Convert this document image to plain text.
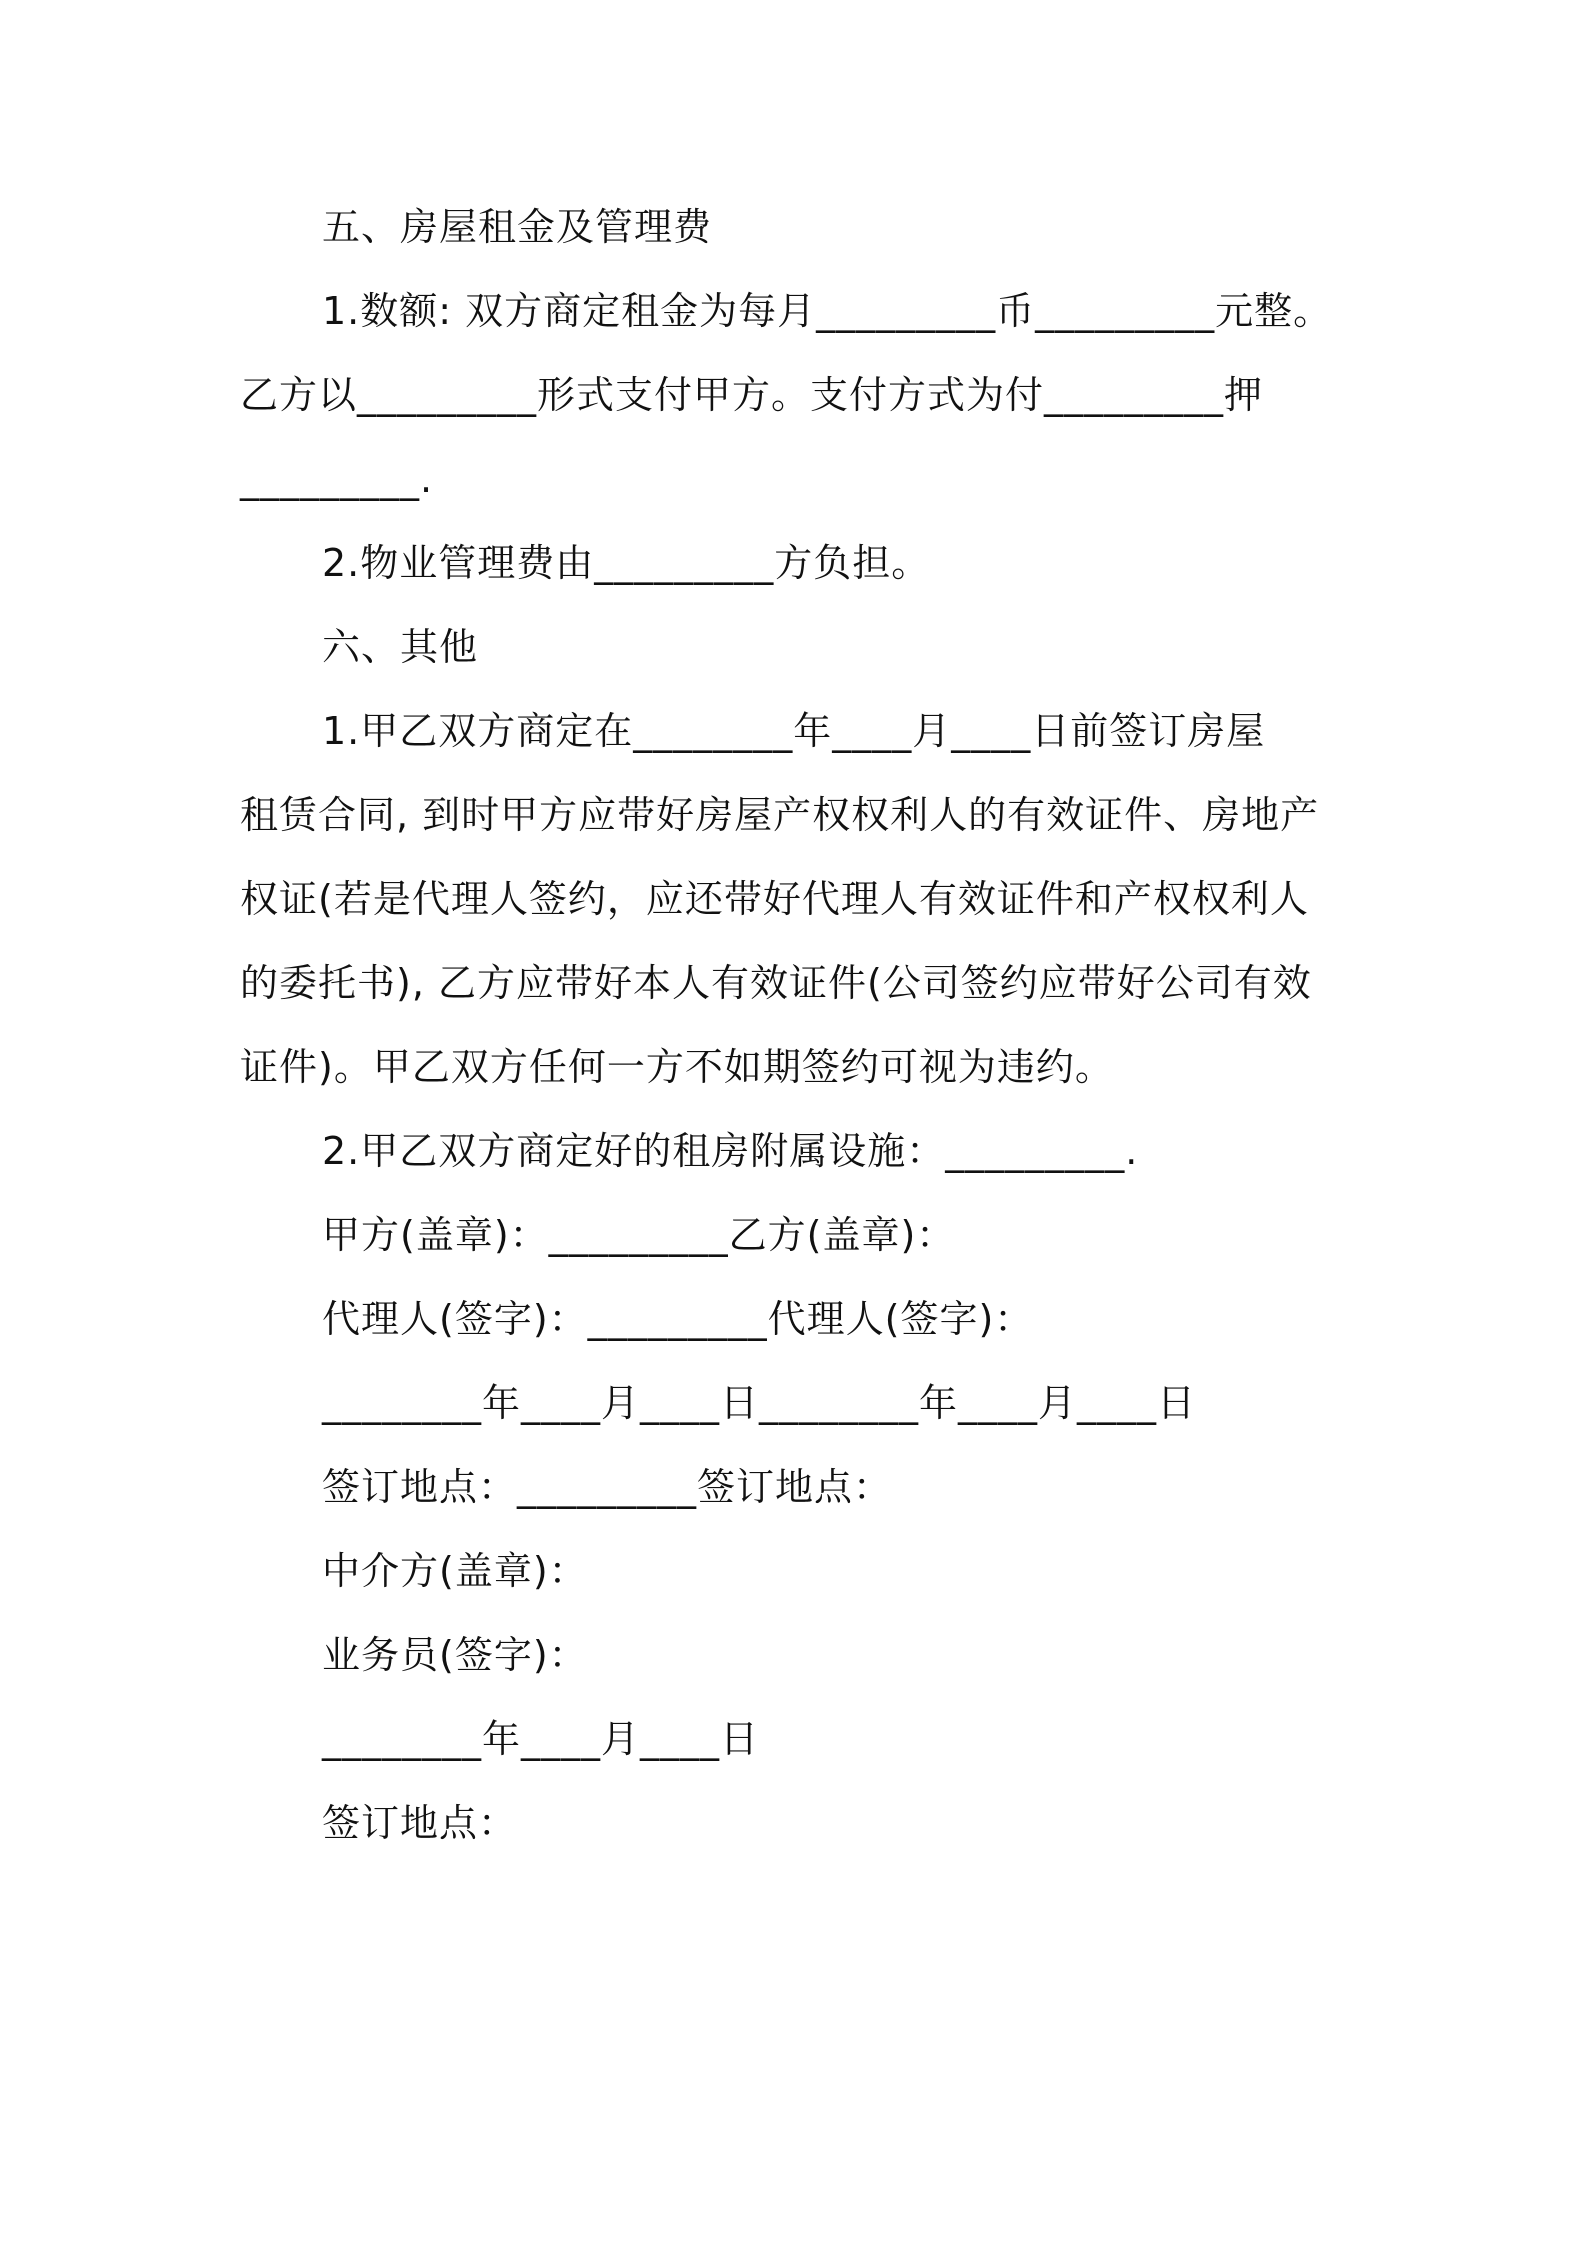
五、房屋租金及管理费
1.数额: 双方商定租金为每月_________币_________元整。
乙方以_________形式支付甲方。支付方式为付_________押
_________.
2.物业管理费由_________方负担。
六、其他
1.甲乙双方商定在________年____月____日前签订房屋
租赁合同, 到时甲方应带好房屋产权权利人的有效证件、房地产
权证(若是代理人签约，应还带好代理人有效证件和产权权利人
的委托书), 乙方应带好本人有效证件(公司签约应带好公司有效
证件)。甲乙双方任何一方不如期签约可视为违约。
2.甲乙双方商定好的租房附属设施：_________.
甲方(盖章)：_________乙方(盖章)：
代理人(签字)：_________代理人(签字)：
________年____月____日________年____月____日
签订地点：_________签订地点：
中介方(盖章)：
业务员(签字)：
________年____月____日
签订地点：
